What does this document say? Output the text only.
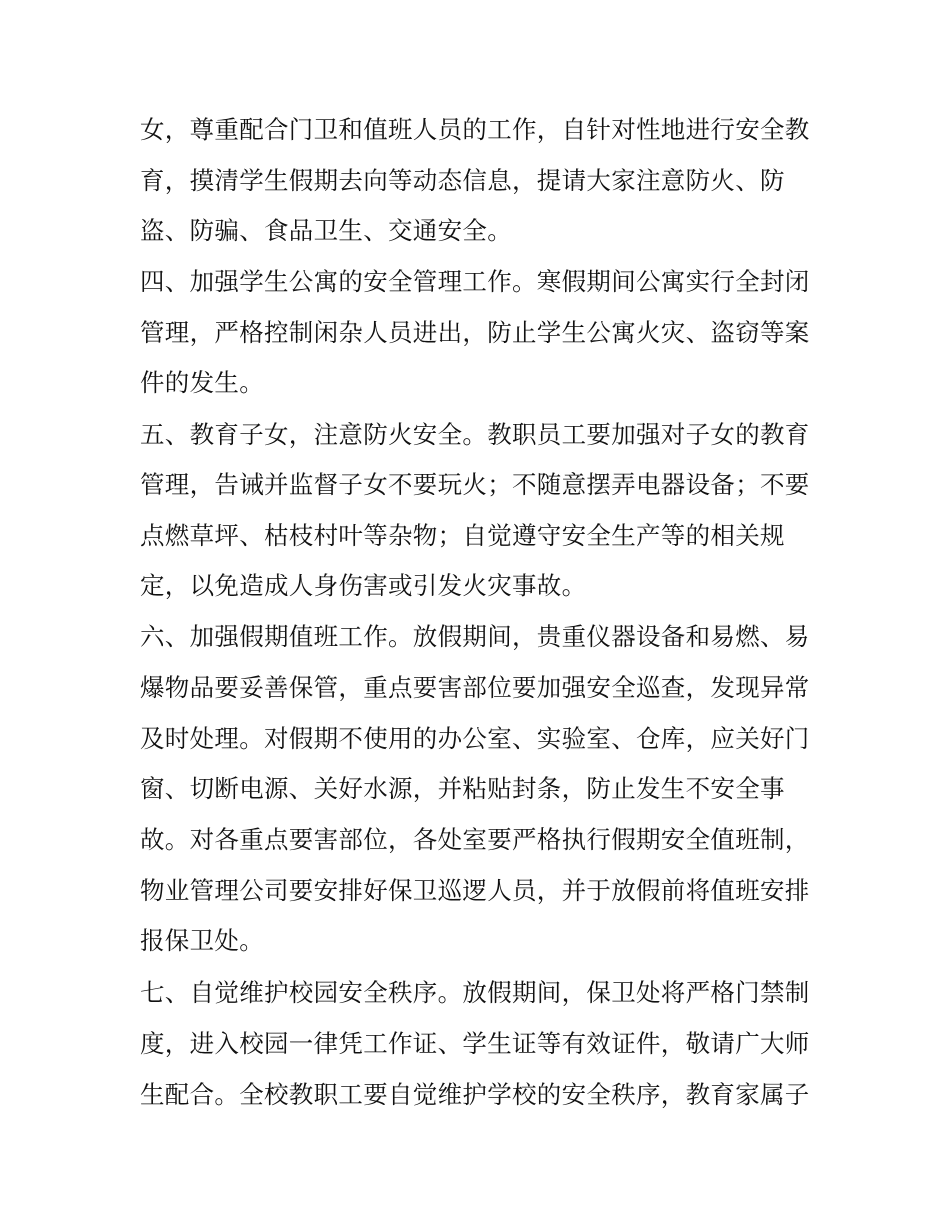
女，尊重配合门卫和值班人员的工作，自针对性地进行安全教
育，摸清学生假期去向等动态信息，提请大家注意防火、防
盗、防骗、食品卫生、交通安全。
四、加强学生公寓的安全管理工作。寒假期间公寓实行全封闭
管理，严格控制闲杂人员进出，防止学生公寓火灾、盗窃等案
件的发生。
五、教育子女，注意防火安全。教职员工要加强对子女的教育
管理，告诫并监督子女不要玩火；不随意摆弄电器设备；不要
点燃草坪、枯枝村叶等杂物；自觉遵守安全生产等的相关规
定，以免造成人身伤害或引发火灾事故。
六、加强假期值班工作。放假期间，贵重仪器设备和易燃、易
爆物品要妥善保管，重点要害部位要加强安全巡查，发现异常
及时处理。对假期不使用的办公室、实验室、仓库，应关好门
窗、切断电源、关好水源，并粘贴封条，防止发生不安全事
故。对各重点要害部位，各处室要严格执行假期安全值班制，
物业管理公司要安排好保卫巡逻人员，并于放假前将值班安排
报保卫处。
七、自觉维护校园安全秩序。放假期间，保卫处将严格门禁制
度，进入校园一律凭工作证、学生证等有效证件，敬请广大师
生配合。全校教职工要自觉维护学校的安全秩序，教育家属子
